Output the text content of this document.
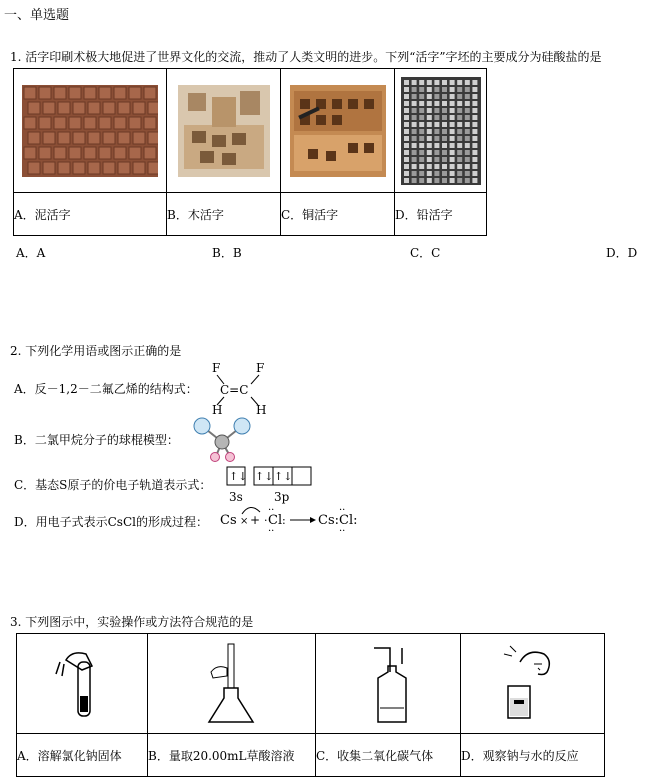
一、单选题
1. 活字印刷术极大地促进了世界文化的交流，推动了人类文明的进步。下列“活字”字坯的主要成分为硅酸盐的是

A．泥活字	B．木活字	C．铜活字	D．铅活字
A．A	B．B	C．C	D．D
2. 下列化学用语或图示正确的是
A．反－1,2－二氟乙烯的结构式：
F	F
C=C
H	H
B．二氯甲烷分子的球棍模型：
C．基态S原子的价电子轨道表示式：
↑↓ ↑↓ ↑↓
3s	3p
D．用电子式表示CsCl的形成过程： Cs × + · Cl
··
··
: Cs:Cl:
··
··
3. 下列图示中，实验操作或方法符合规范的是

A．溶解氯化钠固体	B．量取20.00mL草酸溶液	C．收集二氧化碳气体	D．观察钠与水的反应
